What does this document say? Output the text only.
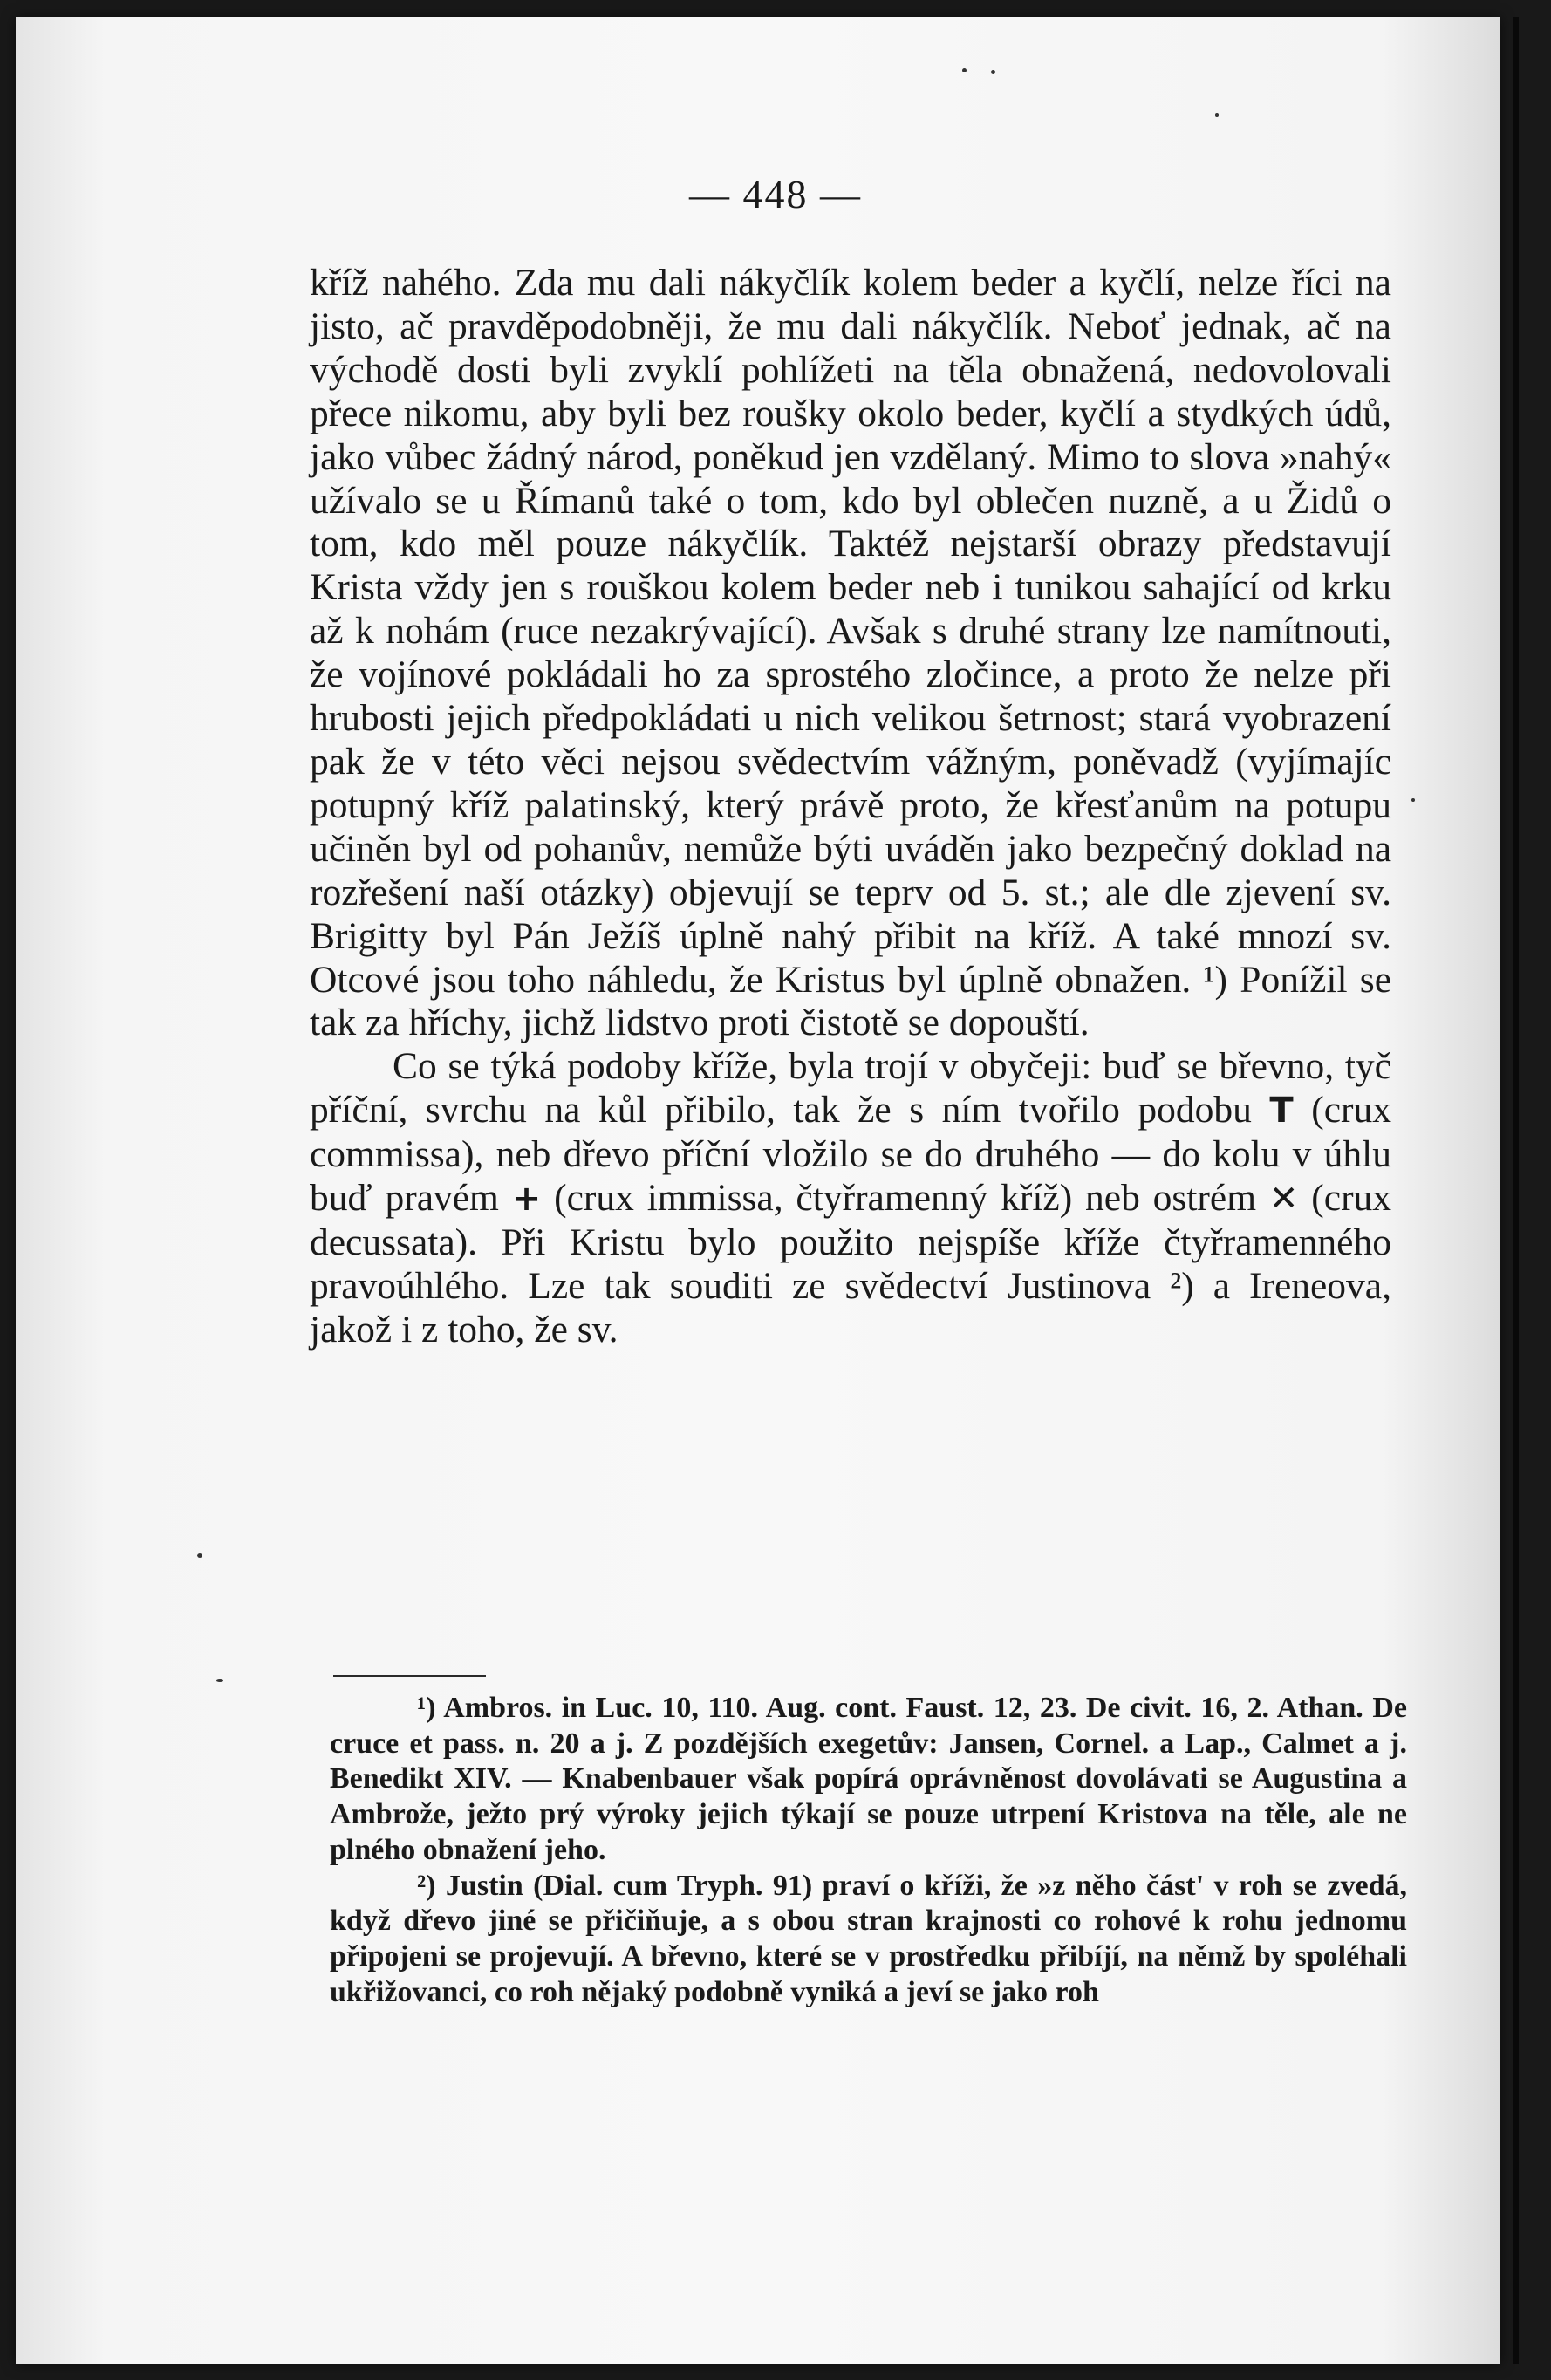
— 448 —

kříž nahého. Zda mu dali nákyčlík kolem beder a kyčlí, nelze říci na jisto, ač pravděpodobněji, že mu dali nákyčlík. Neboť jednak, ač na východě dosti byli zvyklí pohlížeti na těla obnažená, nedovolovali přece nikomu, aby byli bez roušky okolo beder, kyčlí a stydkých údů, jako vůbec žádný národ, poněkud jen vzdělaný. Mimo to slova »nahý« užívalo se u Římanů také o tom, kdo byl oblečen nuzně, a u Židů o tom, kdo měl pouze nákyčlík. Taktéž nejstarší obrazy představují Krista vždy jen s rouškou kolem beder neb i tunikou sahající od krku až k nohám (ruce nezakrývající). Avšak s druhé strany lze namítnouti, že vojínové pokládali ho za sprostého zločince, a proto že nelze při hrubosti jejich předpokládati u nich velikou šetrnost; stará vyobrazení pak že v této věci nejsou svědectvím vážným, poněvadž (vyjímajíc potupný kříž palatinský, který právě proto, že křesťanům na potupu učiněn byl od pohanův, nemůže býti uváděn jako bezpečný doklad na rozřešení naší otázky) objevují se teprv od 5. st.; ale dle zjevení sv. Brigitty byl Pán Ježíš úplně nahý přibit na kříž. A také mnozí sv. Otcové jsou toho náhledu, že Kristus byl úplně obnažen. ¹) Ponížil se tak za hříchy, jichž lidstvo proti čistotě se dopouští.

Co se týká podoby kříže, byla trojí v obyčeji: buď se břevno, tyč příční, svrchu na kůl přibilo, tak že s ním tvořilo podobu T (crux commissa), neb dřevo příční vložilo se do druhého — do kolu v úhlu buď pravém + (crux immissa, čtyřramenný kříž) neb ostrém ✕ (crux decussata). Při Kristu bylo použito nejspíše kříže čtyřramenného pravoúhlého. Lze tak souditi ze svědectví Justinova ²) a Ireneova, jakož i z toho, že sv.

¹) Ambros. in Luc. 10, 110. Aug. cont. Faust. 12, 23. De civit. 16, 2. Athan. De cruce et pass. n. 20 a j. Z pozdějších exegetův: Jansen, Cornel. a Lap., Calmet a j. Benedikt XIV. — Knabenbauer však popírá oprávněnost dovolávati se Augustina a Ambrože, ježto prý výroky jejich týkají se pouze utrpení Kristova na těle, ale ne plného obnažení jeho.

²) Justin (Dial. cum Tryph. 91) praví o kříži, že »z něho část' v roh se zvedá, když dřevo jiné se přičiňuje, a s obou stran krajnosti co rohové k rohu jednomu připojeni se projevují. A břevno, které se v prostředku přibíjí, na němž by spoléhali ukřižovanci, co roh nějaký podobně vyniká a jeví se jako roh
